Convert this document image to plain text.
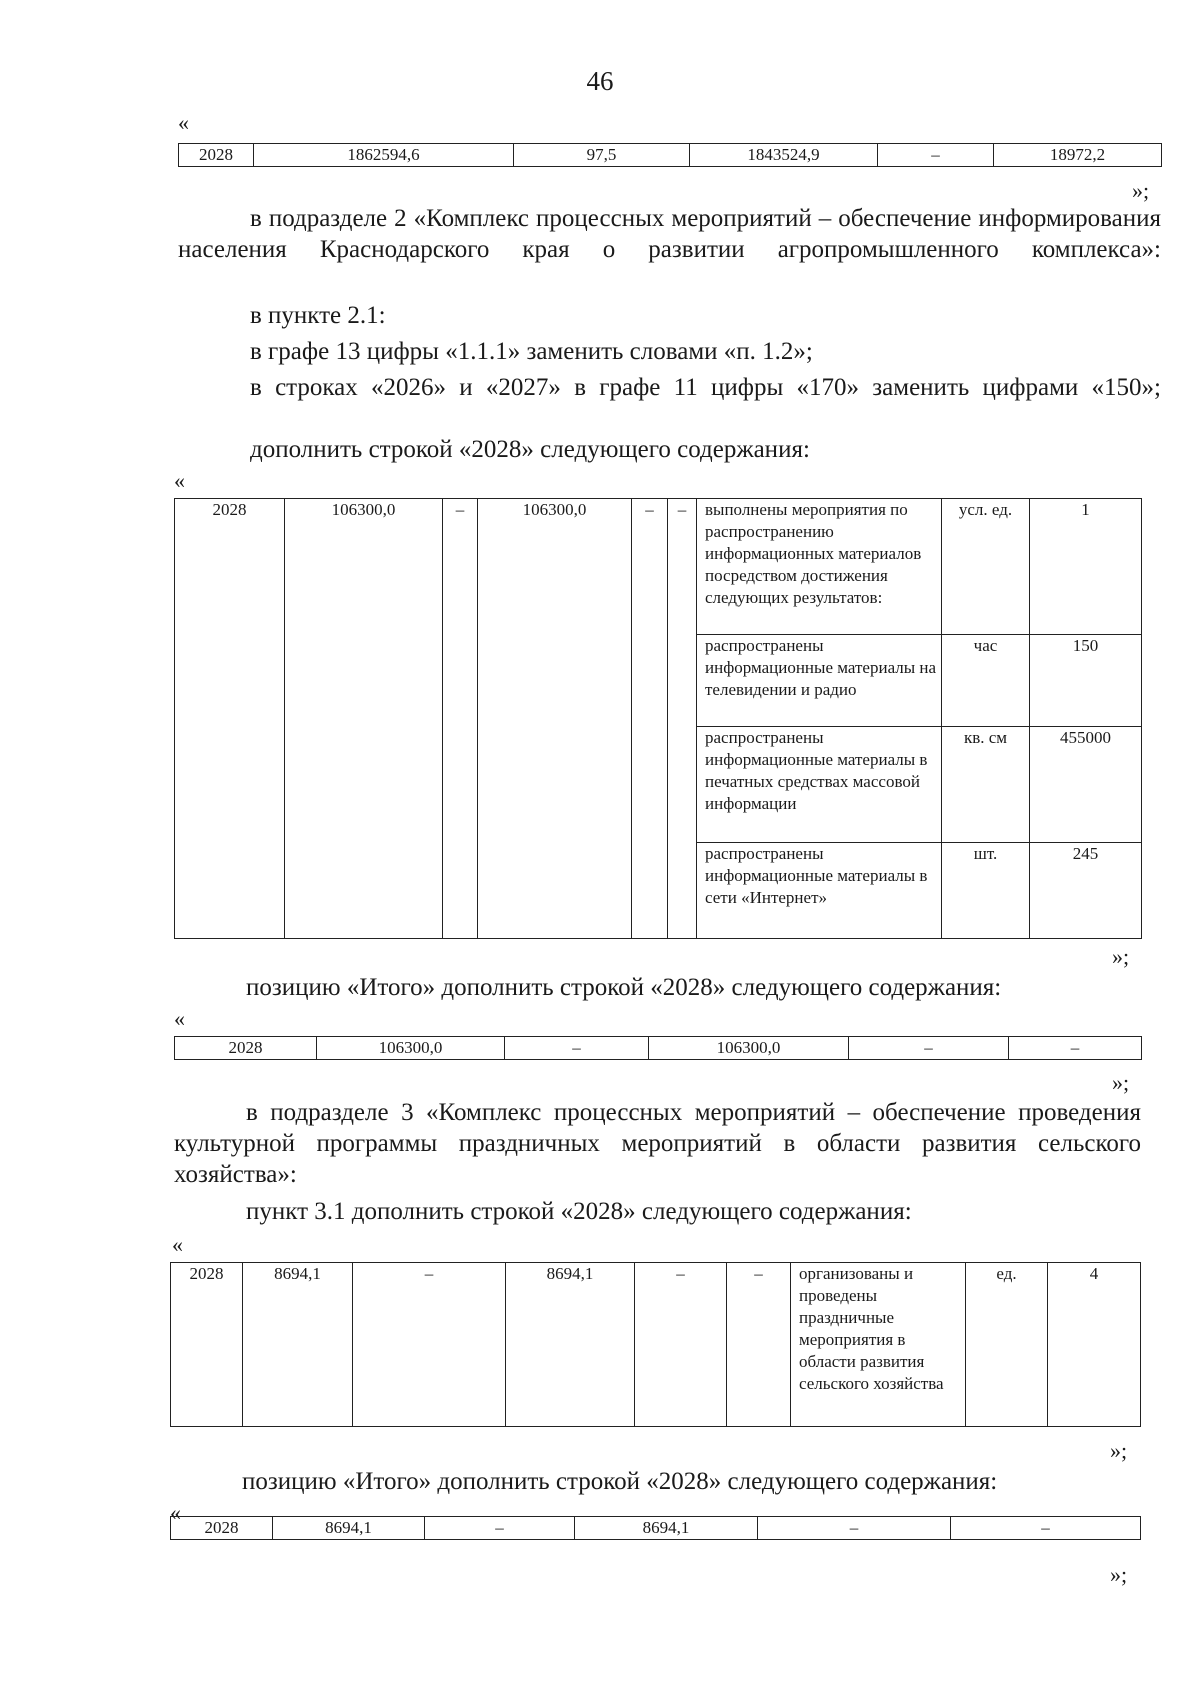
46
«
2028	1862594,6	97,5	1843524,9	–	18972,2
»;
в подразделе 2 «Комплекс процессных мероприятий – обеспечение информирования населения Краснодарского края о развитии агропромышленного комплекса»:
в пункте 2.1:
в графе 13 цифры «1.1.1» заменить словами «п. 1.2»;
в строках «2026» и «2027» в графе 11 цифры «170» заменить цифрами «150»;
дополнить строкой «2028» следующего содержания:
«
2028	106300,0	–	106300,0	–	–	выполнены мероприятия по распространению информационных материалов посредством достижения следующих результатов:	усл. ед.	1
						распространены информационные материалы на телевидении и радио	час	150
						распространены информационные материалы в печатных средствах массовой информации	кв. см	455000
						распространены информационные материалы в сети «Интернет»	шт.	245
»;
позицию «Итого» дополнить строкой «2028» следующего содержания:
«
2028	106300,0	–	106300,0	–	–
»;
в подразделе 3 «Комплекс процессных мероприятий – обеспечение проведения культурной программы праздничных мероприятий в области развития сельского хозяйства»:
пункт 3.1 дополнить строкой «2028» следующего содержания:
«
2028	8694,1	–	8694,1	–	–	организованы и проведены праздничные мероприятия в области развития сельского хозяйства	ед.	4
»;
позицию «Итого» дополнить строкой «2028» следующего содержания:
«
2028	8694,1	–	8694,1	–	–
»;
